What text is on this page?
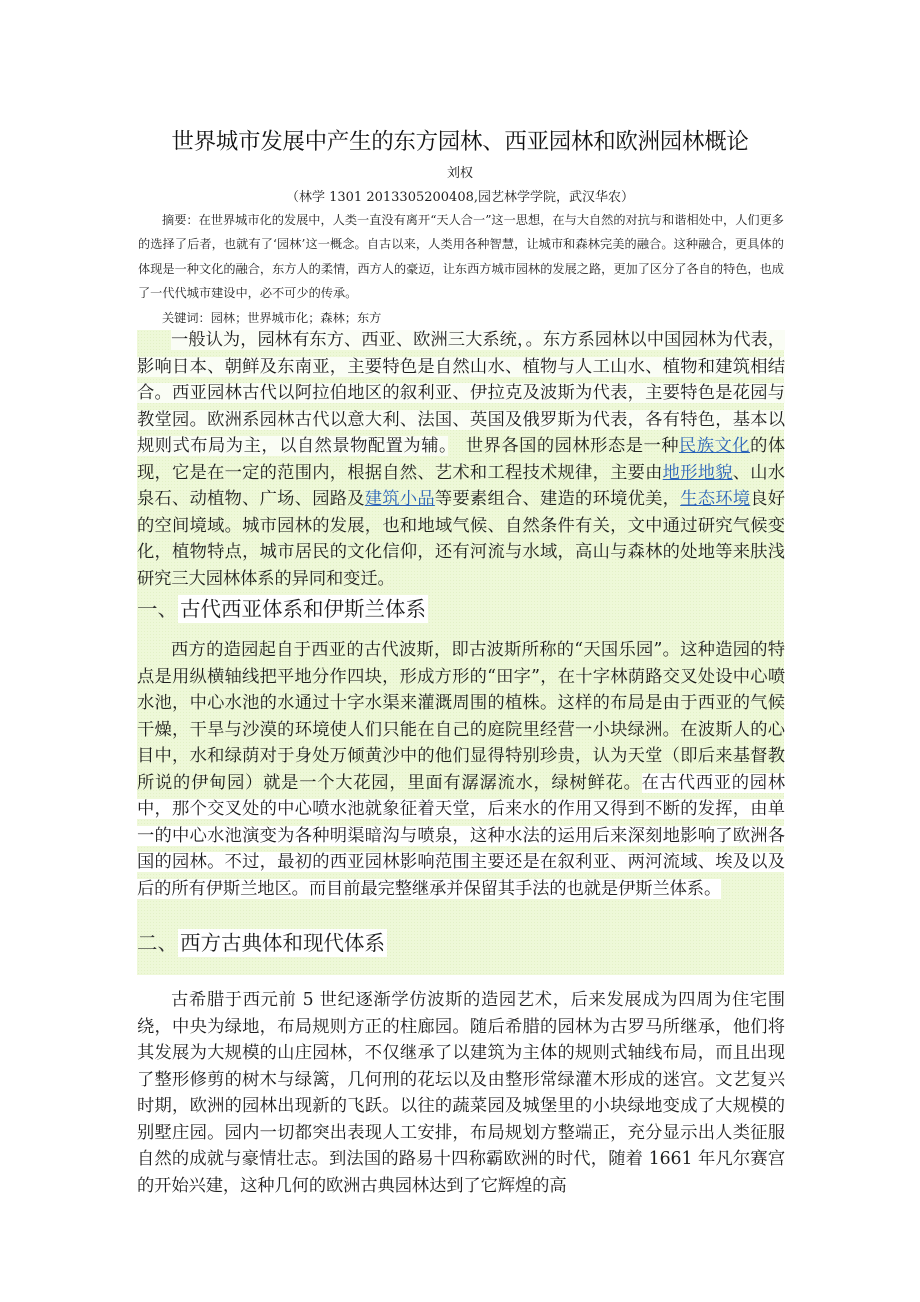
世界城市发展中产生的东方园林、西亚园林和欧洲园林概论
刘权
（林学 1301 2013305200408,园艺林学学院，武汉华农）

摘要：在世界城市化的发展中，人类一直没有离开“天人合一”这一思想，在与大自然的对抗与和谐相处中，人们更多的选择了后者，也就有了‘园林’这一概念。自古以来，人类用各种智慧，让城市和森林完美的融合。这种融合，更具体的体现是一种文化的融合，东方人的柔情，西方人的豪迈，让东西方城市园林的发展之路，更加了区分了各自的特色，也成了一代代城市建设中，必不可少的传承。

关键词：园林；世界城市化；森林；东方

一般认为，园林有东方、西亚、欧洲三大系统，。东方系园林以中国园林为代表，影响日本、朝鲜及东南亚，主要特色是自然山水、植物与人工山水、植物和建筑相结合。西亚园林古代以阿拉伯地区的叙利亚、伊拉克及波斯为代表，主要特色是花园与教堂园。欧洲系园林古代以意大利、法国、英国及俄罗斯为代表，各有特色，基本以规则式布局为主，以自然景物配置为辅。　世界各国的园林形态是一种民族文化的体现，它是在一定的范围内，根据自然、艺术和工程技术规律，主要由地形地貌、山水泉石、动植物、广场、园路及建筑小品等要素组合、建造的环境优美，生态环境良好的空间境域。城市园林的发展，也和地域气候、自然条件有关，文中通过研究气候变化，植物特点，城市居民的文化信仰，还有河流与水域，高山与森林的处地等来肤浅研究三大园林体系的异同和变迁。

一、古代西亚体系和伊斯兰体系

西方的造园起自于西亚的古代波斯，即古波斯所称的“天国乐园”。这种造园的特点是用纵横轴线把平地分作四块，形成方形的“田字”，在十字林荫路交叉处设中心喷水池，中心水池的水通过十字水渠来灌溉周围的植株。这样的布局是由于西亚的气候干燥，干旱与沙漠的环境使人们只能在自己的庭院里经营一小块绿洲。在波斯人的心目中，水和绿荫对于身处万倾黄沙中的他们显得特别珍贵，认为天堂（即后来基督教所说的伊甸园）就是一个大花园，里面有潺潺流水，绿树鲜花。在古代西亚的园林中，那个交叉处的中心喷水池就象征着天堂，后来水的作用又得到不断的发挥，由单一的中心水池演变为各种明渠暗沟与喷泉，这种水法的运用后来深刻地影响了欧洲各国的园林。不过，最初的西亚园林影响范围主要还是在叙利亚、两河流域、埃及以及后的所有伊斯兰地区。而目前最完整继承并保留其手法的也就是伊斯兰体系。

二、西方古典体和现代体系

古希腊于西元前 5 世纪逐渐学仿波斯的造园艺术，后来发展成为四周为住宅围绕，中央为绿地，布局规则方正的柱廊园。随后希腊的园林为古罗马所继承，他们将其发展为大规模的山庄园林，不仅继承了以建筑为主体的规则式轴线布局，而且出现了整形修剪的树木与绿篱，几何刑的花坛以及由整形常绿灌木形成的迷宫。文艺复兴时期，欧洲的园林出现新的飞跃。以往的蔬菜园及城堡里的小块绿地变成了大规模的别墅庄园。园内一切都突出表现人工安排，布局规划方整端正，充分显示出人类征服自然的成就与豪情壮志。到法国的路易十四称霸欧洲的时代，随着 1661 年凡尔赛宫的开始兴建，这种几何的欧洲古典园林达到了它辉煌的高
